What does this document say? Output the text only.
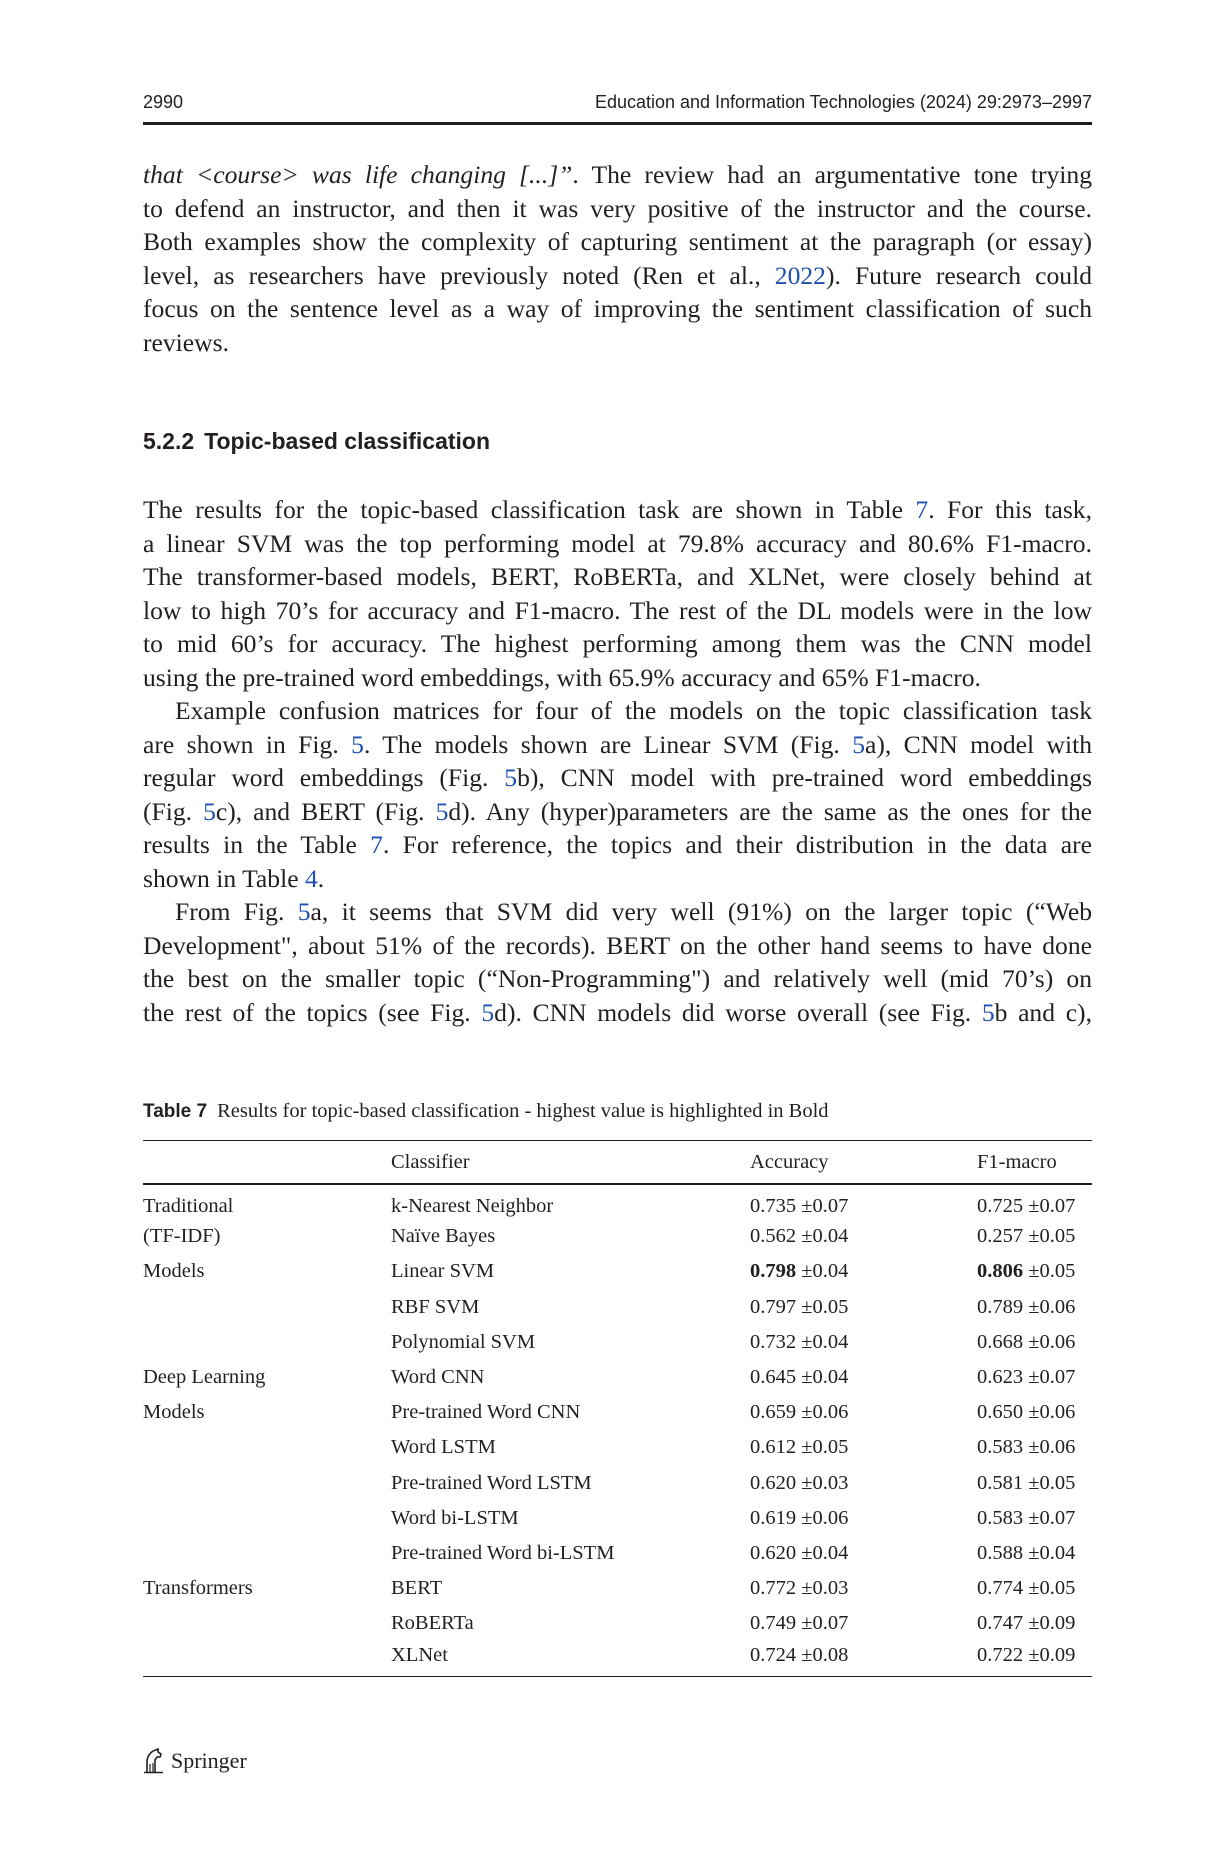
2990	Education and Information Technologies (2024) 29:2973–2997
that <course> was life changing [...]”. The review had an argumentative tone trying
to defend an instructor, and then it was very positive of the instructor and the course.
Both examples show the complexity of capturing sentiment at the paragraph (or essay)
level, as researchers have previously noted (Ren et al., 2022). Future research could
focus on the sentence level as a way of improving the sentiment classification of such
reviews.
5.2.2 Topic-based classification
The results for the topic-based classification task are shown in Table 7. For this task,
a linear SVM was the top performing model at 79.8% accuracy and 80.6% F1-macro.
The transformer-based models, BERT, RoBERTa, and XLNet, were closely behind at
low to high 70’s for accuracy and F1-macro. The rest of the DL models were in the low
to mid 60’s for accuracy. The highest performing among them was the CNN model
using the pre-trained word embeddings, with 65.9% accuracy and 65% F1-macro.
Example confusion matrices for four of the models on the topic classification task
are shown in Fig. 5. The models shown are Linear SVM (Fig. 5a), CNN model with
regular word embeddings (Fig. 5b), CNN model with pre-trained word embeddings
(Fig. 5c), and BERT (Fig. 5d). Any (hyper)parameters are the same as the ones for the
results in the Table 7. For reference, the topics and their distribution in the data are
shown in Table 4.
From Fig. 5a, it seems that SVM did very well (91%) on the larger topic (“Web
Development", about 51% of the records). BERT on the other hand seems to have done
the best on the smaller topic (“Non-Programming") and relatively well (mid 70’s) on
the rest of the topics (see Fig. 5d). CNN models did worse overall (see Fig. 5b and c),
Table 7 Results for topic-based classification - highest value is highlighted in Bold
	Classifier	Accuracy	F1-macro
Traditional	k-Nearest Neighbor	0.735 ±0.07	0.725 ±0.07
(TF-IDF)	Naïve Bayes	0.562 ±0.04	0.257 ±0.05
Models	Linear SVM	0.798 ±0.04	0.806 ±0.05
	RBF SVM	0.797 ±0.05	0.789 ±0.06
	Polynomial SVM	0.732 ±0.04	0.668 ±0.06
Deep Learning	Word CNN	0.645 ±0.04	0.623 ±0.07
Models	Pre-trained Word CNN	0.659 ±0.06	0.650 ±0.06
	Word LSTM	0.612 ±0.05	0.583 ±0.06
	Pre-trained Word LSTM	0.620 ±0.03	0.581 ±0.05
	Word bi-LSTM	0.619 ±0.06	0.583 ±0.07
	Pre-trained Word bi-LSTM	0.620 ±0.04	0.588 ±0.04
Transformers	BERT	0.772 ±0.03	0.774 ±0.05
	RoBERTa	0.749 ±0.07	0.747 ±0.09
	XLNet	0.724 ±0.08	0.722 ±0.09
Springer
